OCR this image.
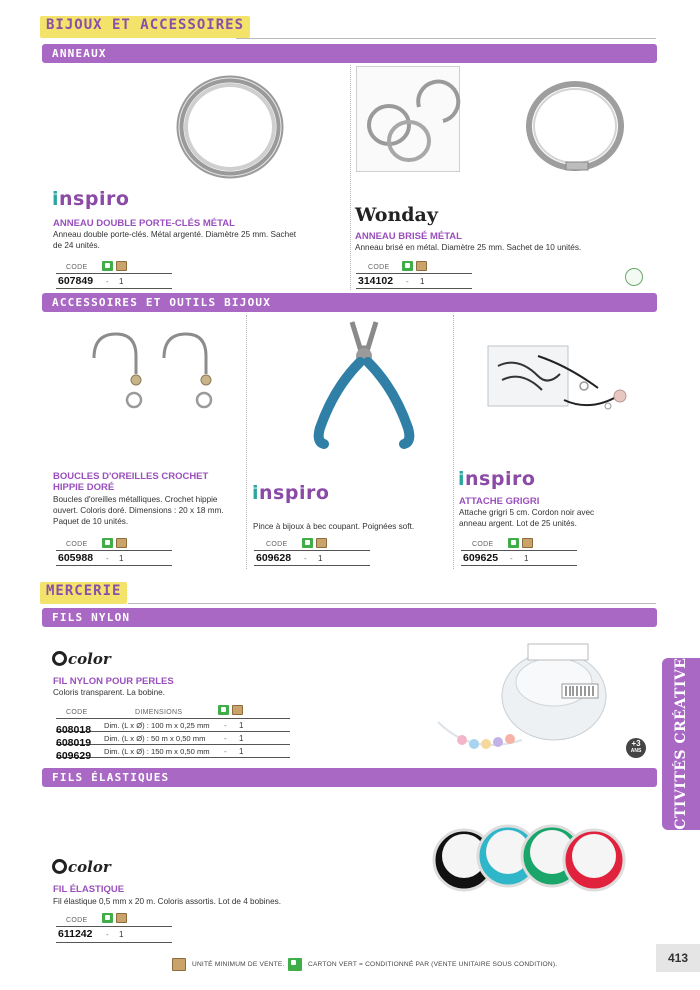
BIJOUX ET ACCESSOIRES
ANNEAUX
inspiro
ANNEAU DOUBLE PORTE-CLÉS MÉTAL
Anneau double porte-clés. Métal argenté. Diamètre 25 mm. Sachet de 24 unités.
CODE
607849 - 1
Wonday
ANNEAU BRISÉ MÉTAL
Anneau brisé en métal. Diamètre 25 mm. Sachet de 10 unités.
CODE
314102 - 1
ACCESSOIRES ET OUTILS BIJOUX
BOUCLES D'OREILLES CROCHET HIPPIE DORÉ
Boucles d'oreilles métalliques. Crochet hippie ouvert. Coloris doré. Dimensions : 20 x 18 mm. Paquet de 10 unités.
CODE
605988 - 1
inspiro
Pince à bijoux à bec coupant. Poignées soft.
CODE
609628 - 1
inspiro
ATTACHE GRIGRI
Attache grigri 5 cm. Cordon noir avec anneau argent. Lot de 25 unités.
CODE
609625 - 1
MERCERIE
FILS NYLON
color
FIL NYLON POUR PERLES
Coloris transparent. La bobine.
CODE	DIMENSIONS
608018 Dim. (L x Ø) : 100 m x 0,25 mm - 1
608019 Dim. (L x Ø) : 50 m x 0,50 mm - 1
609629 Dim. (L x Ø) : 150 m x 0,50 mm - 1
+3
ANS
FILS ÉLASTIQUES
color
FIL ÉLASTIQUE
Fil élastique 0,5 mm x 20 m. Coloris assortis. Lot de 4 bobines.
CODE
611242 - 1
ACTIVITÉS CRÉATIVES
UNITÉ MINIMUM DE VENTE.	CARTON VERT = CONDITIONNÉ PAR (VENTE UNITAIRE SOUS CONDITION).	413
